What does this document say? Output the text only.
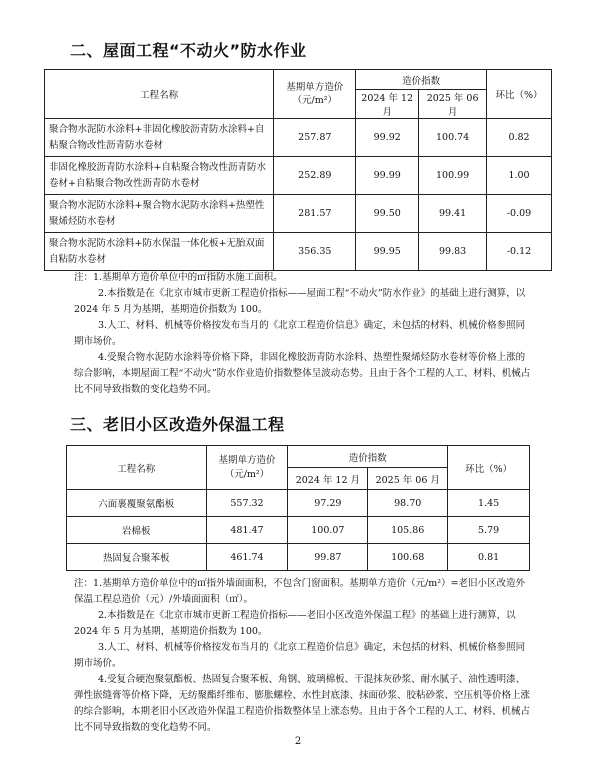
二、屋面工程“不动火”防水作业
工程名称	基期单方造价
（元/m²）	造价指数		环比（%）
		2024 年 12 月	2025 年 06 月	
聚合物水泥防水涂料+非固化橡胶沥青防水涂料+自粘聚合物改性沥青防水卷材	257.87	99.92	100.74	0.82
非固化橡胶沥青防水涂料+自粘聚合物改性沥青防水卷材+自粘聚合物改性沥青防水卷材	252.89	99.99	100.99	1.00
聚合物水泥防水涂料+聚合物水泥防水涂料+热塑性聚烯烃防水卷材	281.57	99.50	99.41	-0.09
聚合物水泥防水涂料+防水保温一体化板+无胎双面自粘防水卷材	356.35	99.95	99.83	-0.12

注：1.基期单方造价单位中的㎡指防水施工面积。

2.本指数是在《北京市城市更新工程造价指标——屋面工程“不动火”防水作业》的基础上进行测算，以 2024 年 5 月为基期，基期造价指数为 100。

3.人工、材料、机械等价格按发布当月的《北京工程造价信息》确定，未包括的材料、机械价格参照同期市场价。

4.受聚合物水泥防水涂料等价格下降，非固化橡胶沥青防水涂料、热塑性聚烯烃防水卷材等价格上涨的综合影响，本期屋面工程“不动火”防水作业造价指数整体呈波动态势。且由于各个工程的人工、材料、机械占比不同导致指数的变化趋势不同。

三、老旧小区改造外保温工程
工程名称	基期单方造价
（元/m²）	造价指数		环比（%）
		2024 年 12 月	2025 年 06 月	
六面裹覆聚氨酯板	557.32	97.29	98.70	1.45
岩棉板	481.47	100.07	105.86	5.79
热固复合聚苯板	461.74	99.87	100.68	0.81

注：1.基期单方造价单位中的㎡指外墙面面积，不包含门窗面积。基期单方造价（元/m²）=老旧小区改造外保温工程总造价（元）/外墙面面积（㎡）。

2.本指数是在《北京市城市更新工程造价指标——老旧小区改造外保温工程》的基础上进行测算，以 2024 年 5 月为基期，基期造价指数为 100。

3.人工、材料、机械等价格按发布当月的《北京工程造价信息》确定，未包括的材料、机械价格参照同期市场价。

4.受复合硬泡聚氨酯板、热固复合聚苯板、角钢、玻璃棉板、干混抹灰砂浆、耐水腻子、油性透明漆、弹性嵌缝膏等价格下降，无纺聚酯纤维布、膨胀螺栓、水性封底漆、抹面砂浆、胶粘砂浆、空压机等价格上涨的综合影响，本期老旧小区改造外保温工程造价指数整体呈上涨态势。且由于各个工程的人工、材料、机械占比不同导致指数的变化趋势不同。

2
